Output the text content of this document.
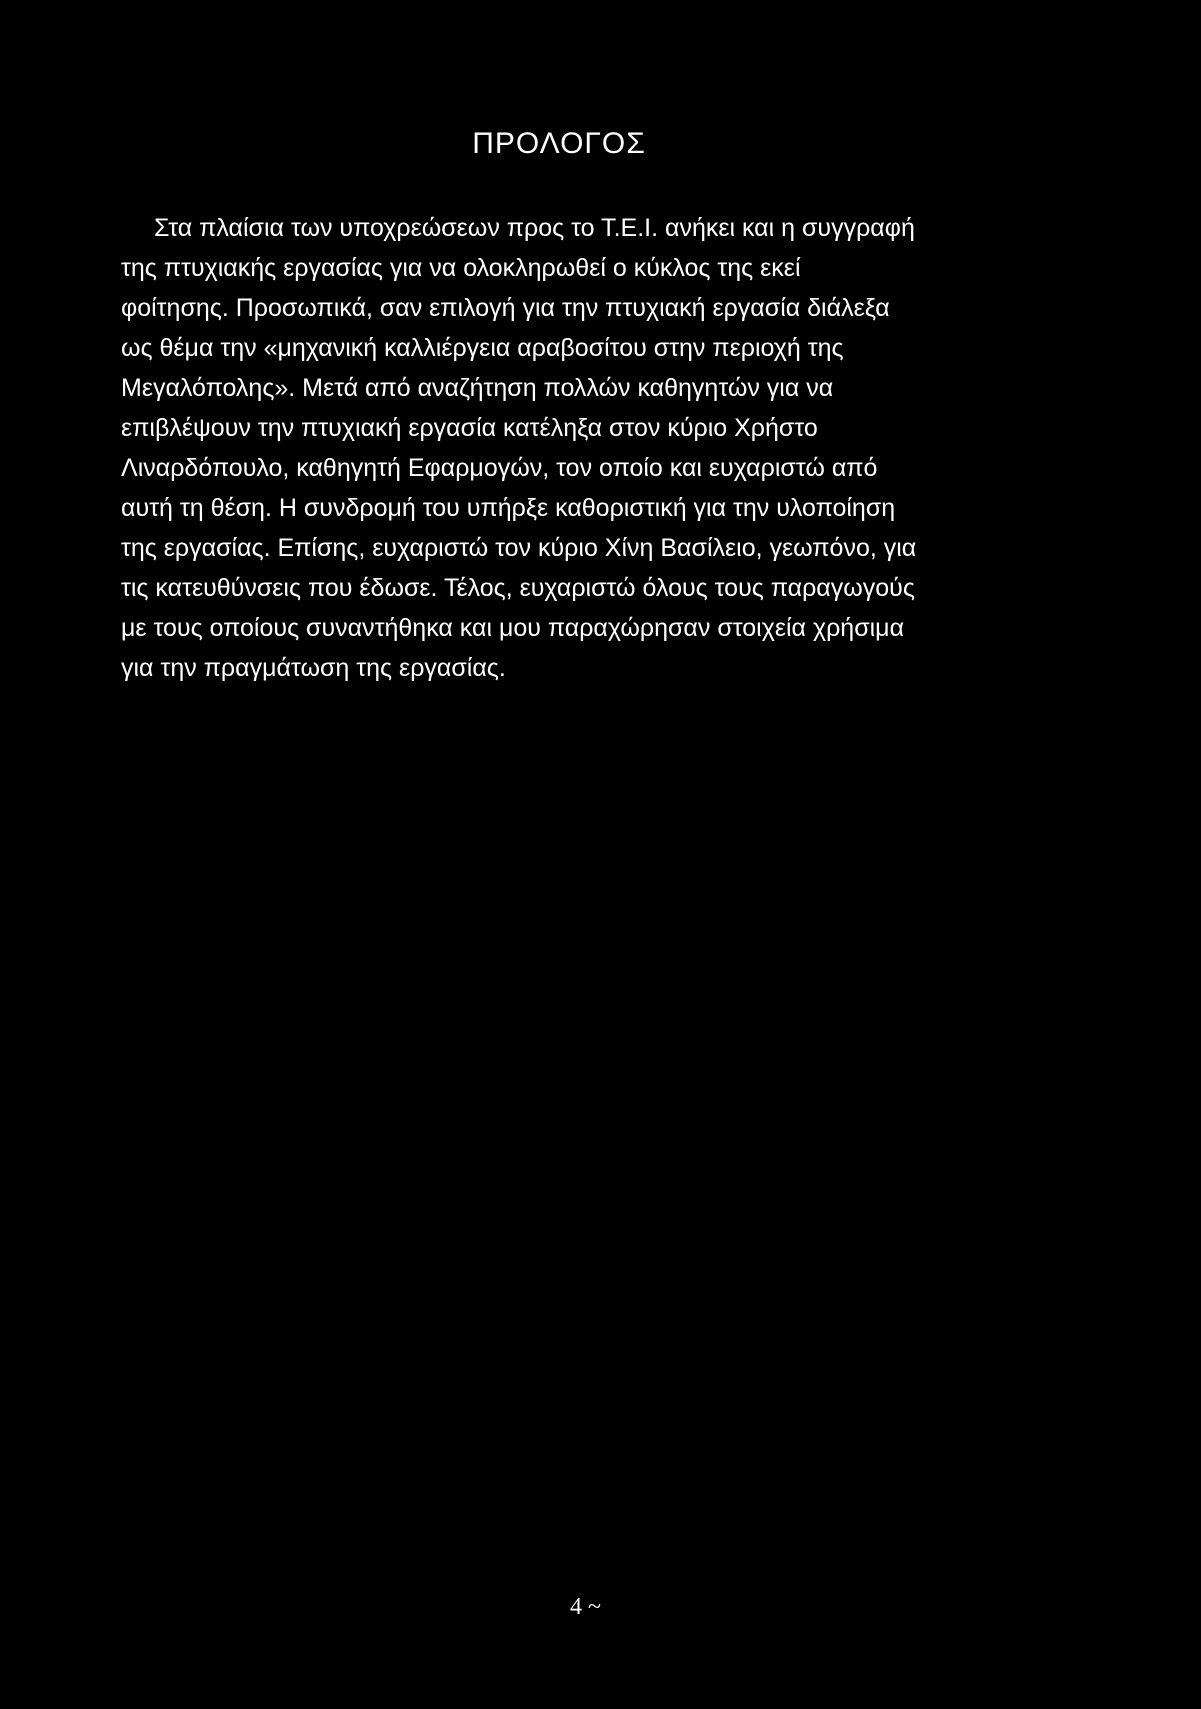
ΠΡΟΛΟΓΟΣ

Στα πλαίσια των υποχρεώσεων προς το Τ.Ε.Ι. ανήκει και η συγγραφή
της πτυχιακής εργασίας για να ολοκληρωθεί ο κύκλος της εκεί
φοίτησης. Προσωπικά, σαν επιλογή για την πτυχιακή εργασία διάλεξα
ως θέμα την «μηχανική καλλιέργεια αραβοσίτου στην περιοχή της
Μεγαλόπολης». Μετά από αναζήτηση πολλών καθηγητών για να
επιβλέψουν την πτυχιακή εργασία κατέληξα στον κύριο Χρήστο
Λιναρδόπουλο, καθηγητή Εφαρμογών, τον οποίο και ευχαριστώ από
αυτή τη θέση. Η συνδρομή του υπήρξε καθοριστική για την υλοποίηση
της εργασίας. Επίσης, ευχαριστώ τον κύριο Χίνη Βασίλειο, γεωπόνο, για
τις κατευθύνσεις που έδωσε. Τέλος, ευχαριστώ όλους τους παραγωγούς
με τους οποίους συναντήθηκα και μου παραχώρησαν στοιχεία χρήσιμα
για την πραγμάτωση της εργασίας.

4 ~
